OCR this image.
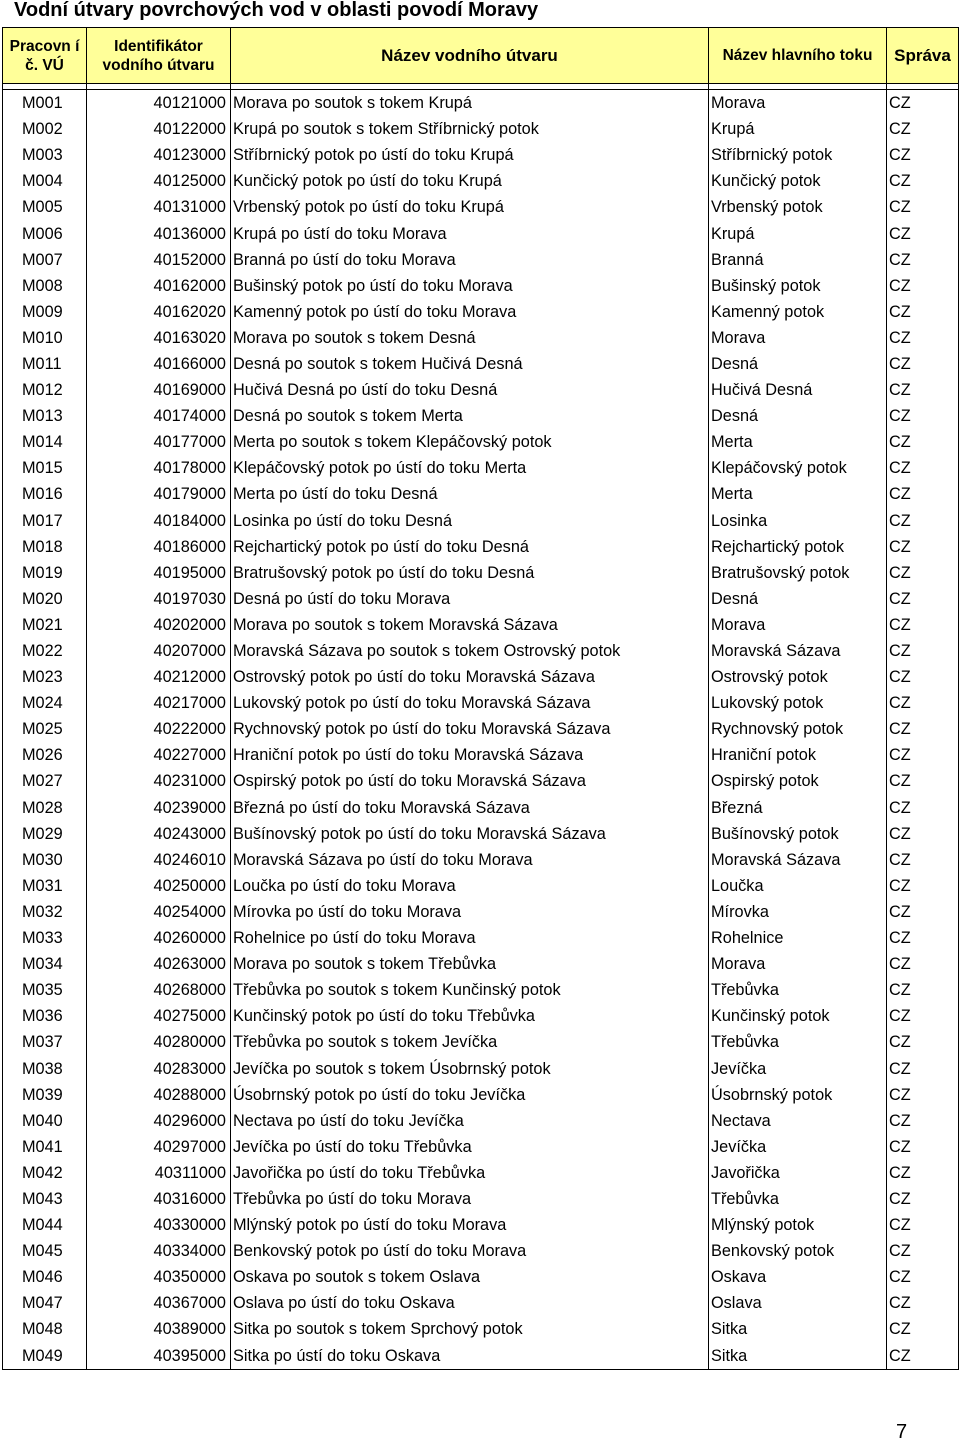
Vodní útvary povrchových vod v oblasti povodí Moravy
Pracovn í č. VÚ	Identifikátor vodního útvaru	Název vodního útvaru	Název hlavního toku	Správa

M001	40121000	Morava po soutok s tokem Krupá	Morava	CZ
M002	40122000	Krupá po soutok s tokem Stříbrnický potok	Krupá	CZ
M003	40123000	Stříbrnický potok po ústí do toku Krupá	Stříbrnický potok	CZ
M004	40125000	Kunčický potok po ústí do toku Krupá	Kunčický potok	CZ
M005	40131000	Vrbenský potok po ústí do toku Krupá	Vrbenský potok	CZ
M006	40136000	Krupá po ústí do toku Morava	Krupá	CZ
M007	40152000	Branná po ústí do toku Morava	Branná	CZ
M008	40162000	Bušinský potok po ústí do toku Morava	Bušinský potok	CZ
M009	40162020	Kamenný potok po ústí do toku Morava	Kamenný potok	CZ
M010	40163020	Morava po soutok s tokem Desná	Morava	CZ
M011	40166000	Desná po soutok s tokem Hučivá Desná	Desná	CZ
M012	40169000	Hučivá Desná po ústí do toku Desná	Hučivá Desná	CZ
M013	40174000	Desná po soutok s tokem Merta	Desná	CZ
M014	40177000	Merta po soutok s tokem Klepáčovský potok	Merta	CZ
M015	40178000	Klepáčovský potok po ústí do toku Merta	Klepáčovský potok	CZ
M016	40179000	Merta po ústí do toku Desná	Merta	CZ
M017	40184000	Losinka po ústí do toku Desná	Losinka	CZ
M018	40186000	Rejchartický potok po ústí do toku Desná	Rejchartický potok	CZ
M019	40195000	Bratrušovský potok po ústí do toku Desná	Bratrušovský potok	CZ
M020	40197030	Desná po ústí do toku Morava	Desná	CZ
M021	40202000	Morava po soutok s tokem Moravská Sázava	Morava	CZ
M022	40207000	Moravská Sázava po soutok s tokem Ostrovský potok	Moravská Sázava	CZ
M023	40212000	Ostrovský potok po ústí do toku Moravská Sázava	Ostrovský potok	CZ
M024	40217000	Lukovský potok po ústí do toku Moravská Sázava	Lukovský potok	CZ
M025	40222000	Rychnovský potok po ústí do toku Moravská Sázava	Rychnovský potok	CZ
M026	40227000	Hraniční potok po ústí do toku Moravská Sázava	Hraniční potok	CZ
M027	40231000	Ospirský potok po ústí do toku Moravská Sázava	Ospirský potok	CZ
M028	40239000	Březná po ústí do toku Moravská Sázava	Březná	CZ
M029	40243000	Bušínovský potok po ústí do toku Moravská Sázava	Bušínovský potok	CZ
M030	40246010	Moravská Sázava po ústí do toku Morava	Moravská Sázava	CZ
M031	40250000	Loučka po ústí do toku Morava	Loučka	CZ
M032	40254000	Mírovka po ústí do toku Morava	Mírovka	CZ
M033	40260000	Rohelnice po ústí do toku Morava	Rohelnice	CZ
M034	40263000	Morava po soutok s tokem Třebůvka	Morava	CZ
M035	40268000	Třebůvka po soutok s tokem Kunčinský potok	Třebůvka	CZ
M036	40275000	Kunčinský potok po ústí do toku Třebůvka	Kunčinský potok	CZ
M037	40280000	Třebůvka po soutok s tokem Jevíčka	Třebůvka	CZ
M038	40283000	Jevíčka po soutok s tokem Úsobrnský potok	Jevíčka	CZ
M039	40288000	Úsobrnský potok po ústí do toku Jevíčka	Úsobrnský potok	CZ
M040	40296000	Nectava po ústí do toku Jevíčka	Nectava	CZ
M041	40297000	Jevíčka po ústí do toku Třebůvka	Jevíčka	CZ
M042	40311000	Javořička po ústí do toku Třebůvka	Javořička	CZ
M043	40316000	Třebůvka po ústí do toku Morava	Třebůvka	CZ
M044	40330000	Mlýnský potok po ústí do toku Morava	Mlýnský potok	CZ
M045	40334000	Benkovský potok po ústí do toku Morava	Benkovský potok	CZ
M046	40350000	Oskava po soutok s tokem Oslava	Oskava	CZ
M047	40367000	Oslava po ústí do toku Oskava	Oslava	CZ
M048	40389000	Sitka po soutok s tokem Sprchový potok	Sitka	CZ
M049	40395000	Sitka po ústí do toku Oskava	Sitka	CZ
7
